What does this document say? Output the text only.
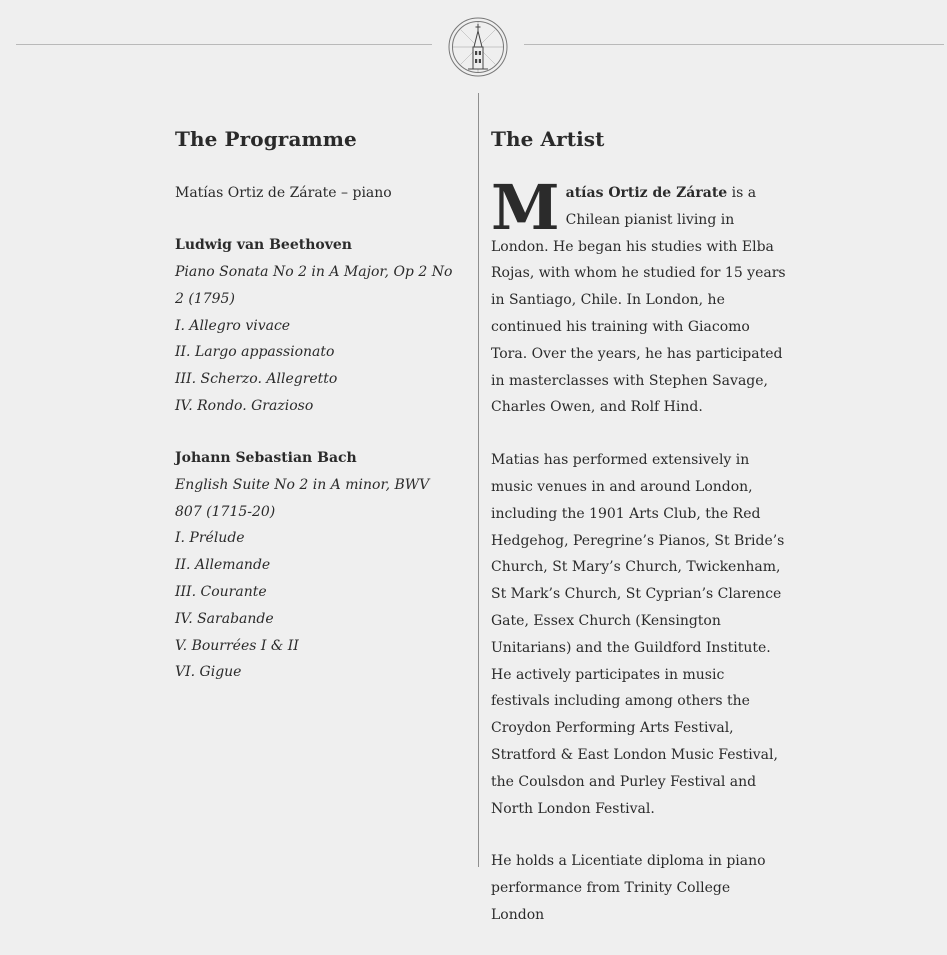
The Programme
Matías Ortiz de Zárate – piano
Ludwig van Beethoven
Piano Sonata No 2 in A Major, Op 2 No 2 (1795)
I. Allegro vivace
II. Largo appassionato
III. Scherzo. Allegretto
IV. Rondo. Grazioso
Johann Sebastian Bach
English Suite No 2 in A minor, BWV 807 (1715-20)
I. Prélude
II. Allemande
III. Courante
IV. Sarabande
V. Bourrées I & II
VI. Gigue
The Artist

Matías Ortiz de Zárate is a Chilean pianist living in London. He began his studies with Elba Rojas, with whom he studied for 15 years in Santiago, Chile. In London, he continued his training with Giacomo Tora. Over the years, he has participated in masterclasses with Stephen Savage, Charles Owen, and Rolf Hind.

Matias has performed extensively in music venues in and around London, including the 1901 Arts Club, the Red Hedgehog, Peregrine’s Pianos, St Bride’s Church, St Mary’s Church, Twickenham, St Mark’s Church, St Cyprian’s Clarence Gate, Essex Church (Kensington Unitarians) and the Guildford Institute. He actively participates in music festivals including among others the Croydon Performing Arts Festival, Stratford & East London Music Festival, the Coulsdon and Purley Festival and North London Festival.

He holds a Licentiate diploma in piano performance from Trinity College London
